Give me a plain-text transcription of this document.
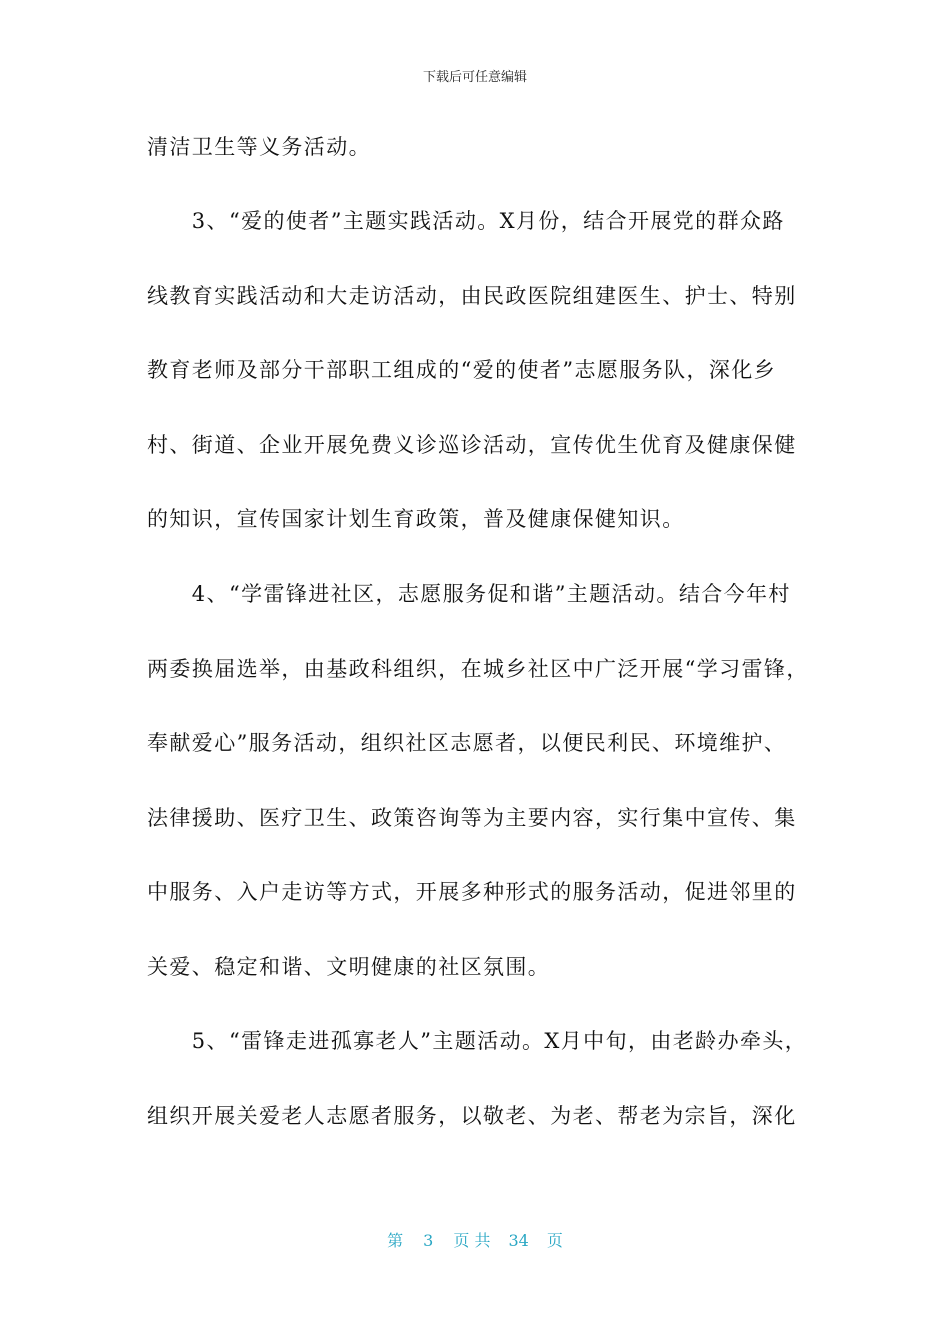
下载后可任意编辑
清洁卫生等义务活动。
　　3、“爱的使者”主题实践活动。X月份，结合开展党的群众路
线教育实践活动和大走访活动，由民政医院组建医生、护士、特别
教育老师及部分干部职工组成的“爱的使者”志愿服务队，深化乡
村、街道、企业开展免费义诊巡诊活动，宣传优生优育及健康保健
的知识，宣传国家计划生育政策，普及健康保健知识。
　　4、“学雷锋进社区，志愿服务促和谐”主题活动。结合今年村
两委换届选举，由基政科组织，在城乡社区中广泛开展“学习雷锋，
奉献爱心”服务活动，组织社区志愿者，以便民利民、环境维护、
法律援助、医疗卫生、政策咨询等为主要内容，实行集中宣传、集
中服务、入户走访等方式，开展多种形式的服务活动，促进邻里的
关爱、稳定和谐、文明健康的社区氛围。
　　5、“雷锋走进孤寡老人”主题活动。X月中旬，由老龄办牵头，
组织开展关爱老人志愿者服务，以敬老、为老、帮老为宗旨，深化
第 3 页 共 34 页
